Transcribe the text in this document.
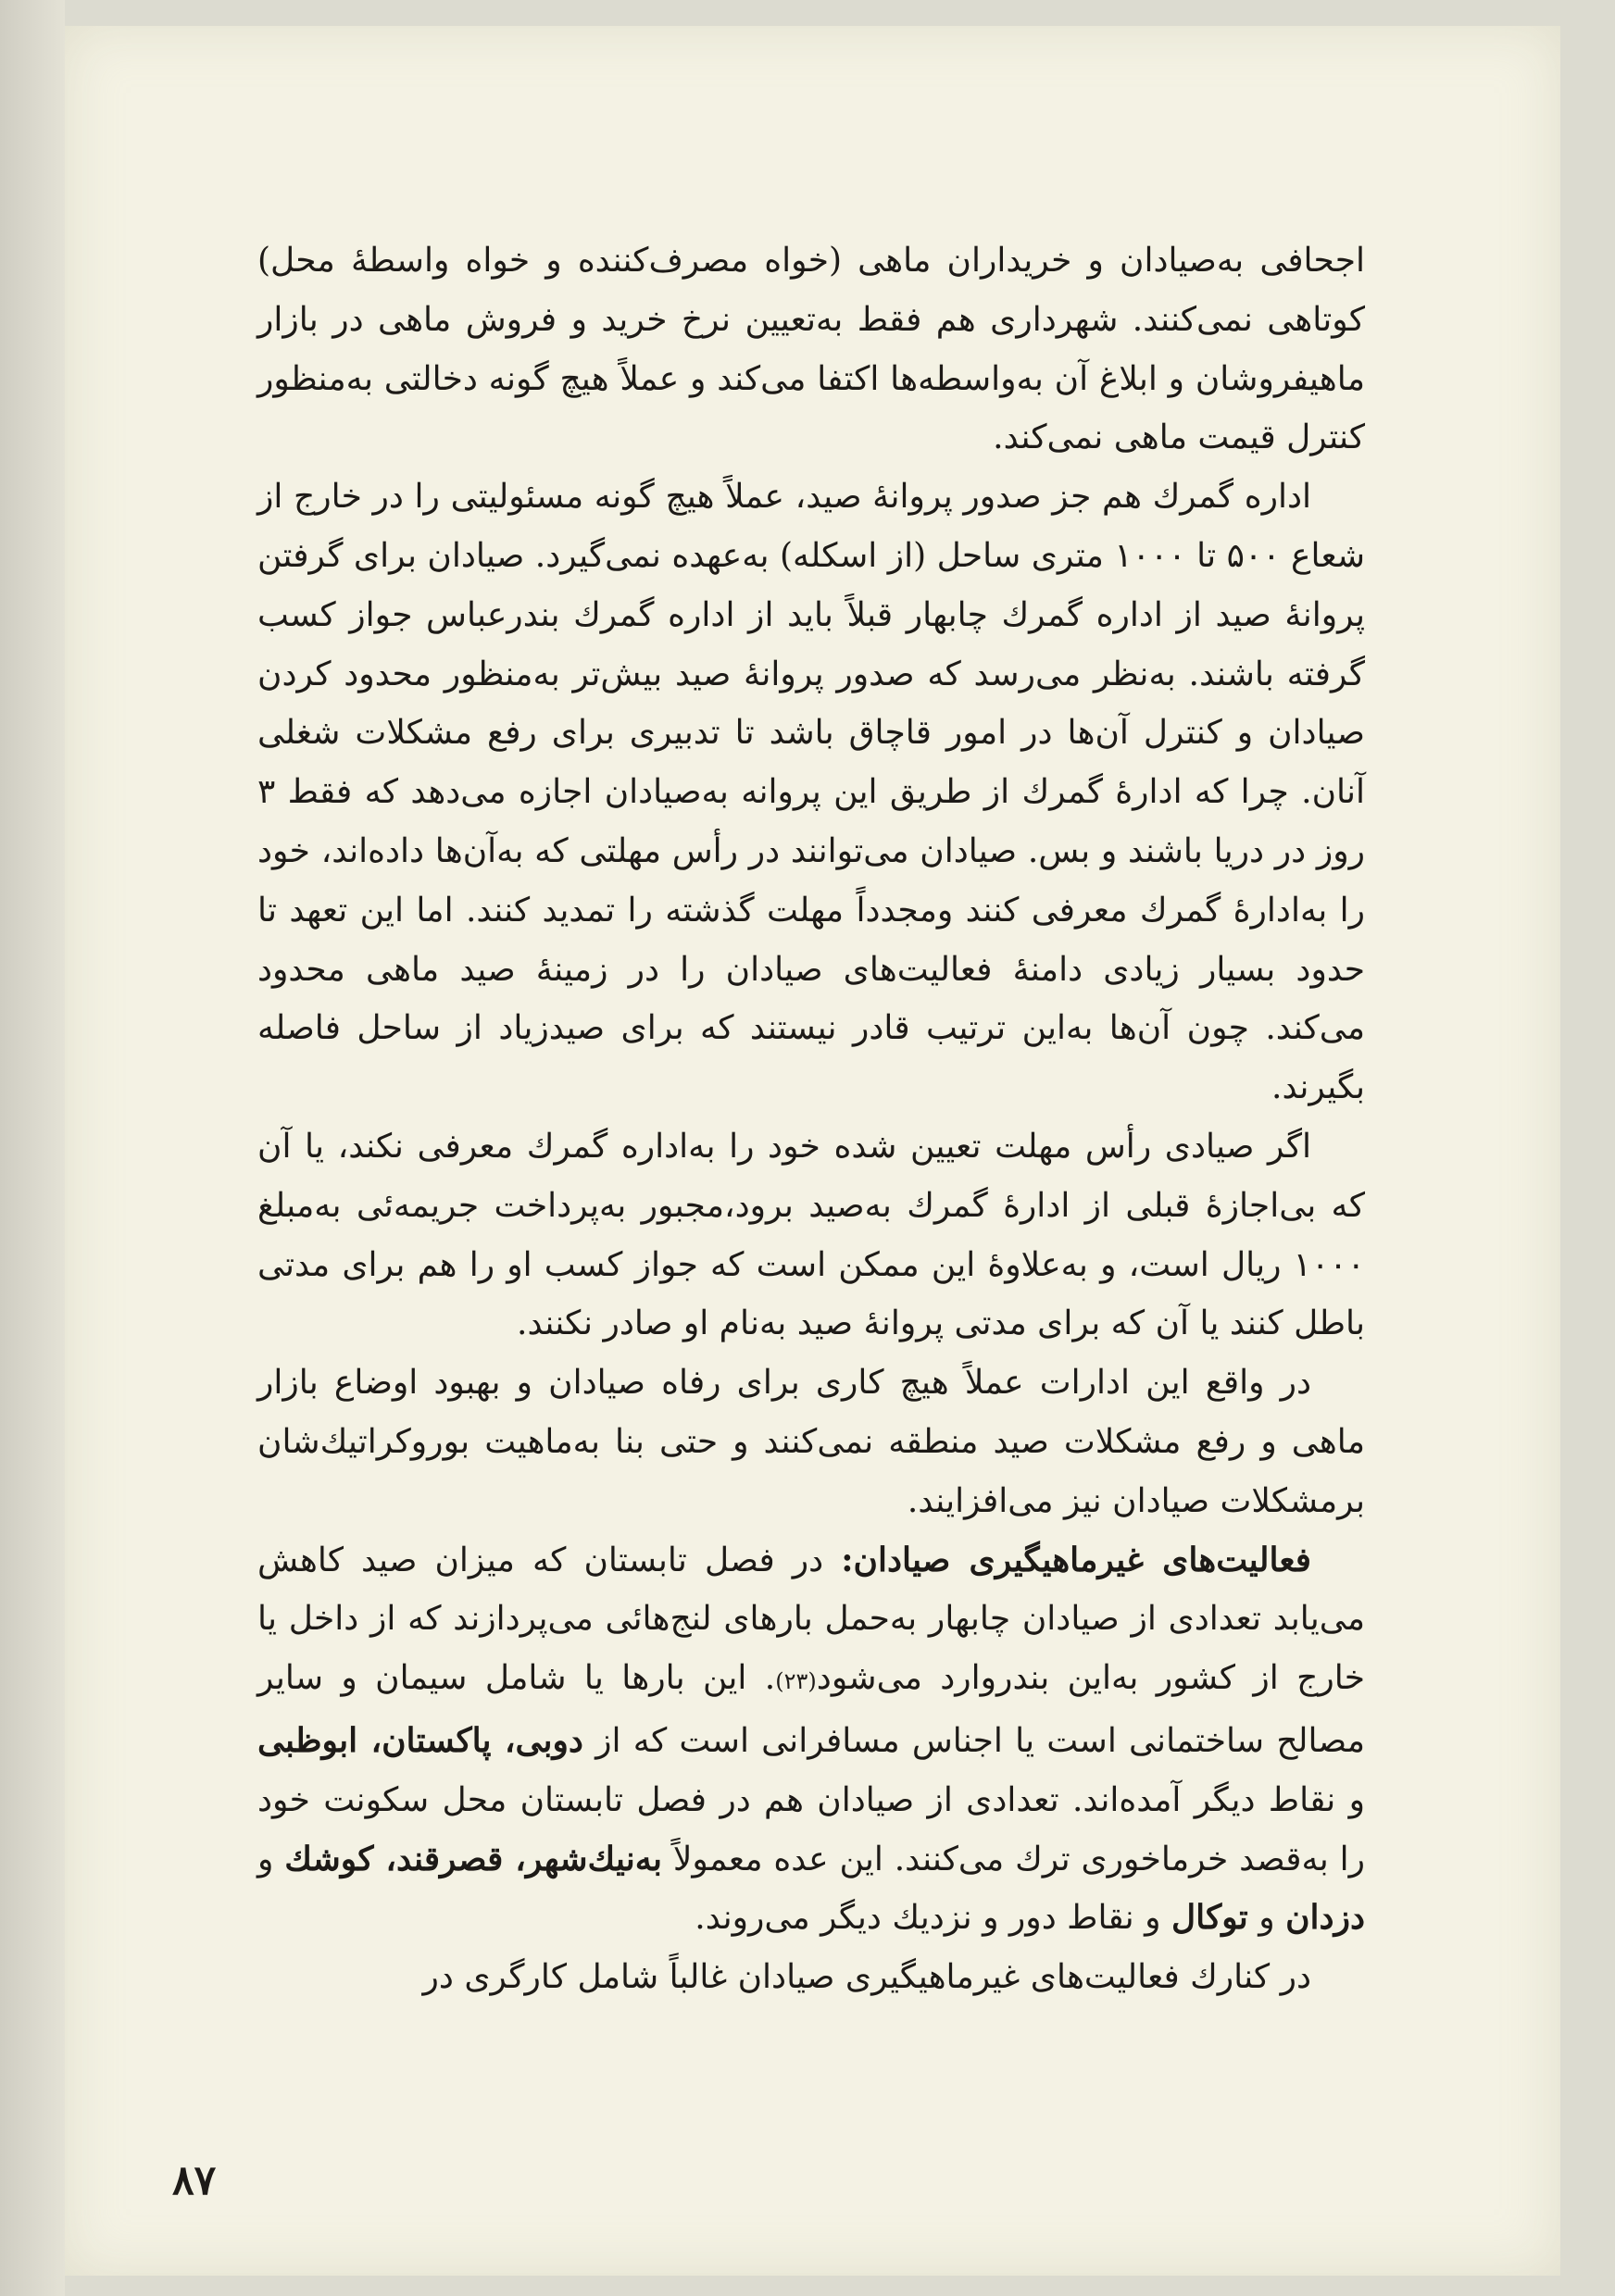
اجحافی به‌صیادان و خریداران ماهی (خواه مصرف‌کننده و خواه واسطهٔ محل) کوتاهی نمی‌کنند. شهرداری هم فقط به‌تعیین نرخ خرید و فروش ماهی در بازار ماهیفروشان و ابلاغ آن به‌واسطه‌ها اکتفا می‌کند و عملاً هیچ گونه دخالتی به‌منظور کنترل قیمت ماهی نمی‌کند.

اداره گمرك هم جز صدور پروانهٔ صید، عملاً هیچ گونه مسئولیتی را در خارج از شعاع ۵۰۰ تا ۱۰۰۰ متری ساحل (از اسکله) به‌عهده نمی‌گیرد. صیادان برای گرفتن پروانهٔ صید از اداره گمرك چابهار قبلاً باید از اداره گمرك بندرعباس جواز کسب گرفته باشند. به‌نظر می‌رسد که صدور پروانهٔ صید بیش‌تر به‌منظور محدود کردن صیادان و کنترل آن‌ها در امور قاچاق باشد تا تدبیری برای رفع مشکلات شغلی آنان. چرا که ادارهٔ گمرك از طریق این پروانه به‌صیادان اجازه می‌دهد که فقط ۳ روز در دریا باشند و بس. صیادان می‌توانند در رأس مهلتی که به‌آن‌ها داده‌اند، خود را به‌ادارهٔ گمرك معرفی کنند ومجدداً مهلت گذشته را تمدید کنند. اما این تعهد تا حدود بسیار زیادی دامنهٔ فعالیت‌های صیادان را در زمینهٔ صید ماهی محدود می‌کند. چون آن‌ها به‌این ترتیب قادر نیستند که برای صیدزیاد از ساحل فاصله بگیرند.

اگر صیادی رأس مهلت تعیین شده خود را به‌اداره گمرك معرفی نکند، یا آن که بی‌اجازهٔ قبلی از ادارهٔ گمرك به‌صید برود،مجبور به‌پرداخت جریمه‌ئی به‌مبلغ ۱۰۰۰ ریال است، و به‌علاوهٔ این ممکن است که جواز کسب او را هم برای مدتی باطل کنند یا آن که برای مدتی پروانهٔ صید به‌نام او صادر نکنند.

در واقع این ادارات عملاً هیچ کاری برای رفاه صیادان و بهبود اوضاع بازار ماهی و رفع مشکلات صید منطقه نمی‌کنند و حتی بنا به‌ماهیت بوروکراتیك‌شان برمشکلات صیادان نیز می‌افزایند.

فعالیت‌های غیرماهیگیری صیادان: در فصل تابستان که میزان صید کاهش می‌یابد تعدادی از صیادان چابهار به‌حمل بارهای لنج‌هائی می‌پردازند که از داخل یا خارج از کشور به‌این بندروارد می‌شود(۲۳). این بارها یا شامل سیمان و سایر مصالح ساختمانی است یا اجناس مسافرانی است که از دوبی، پاکستان، ابوظبی و نقاط دیگر آمده‌اند. تعدادی از صیادان هم در فصل تابستان محل سکونت خود را به‌قصد خرماخوری ترك می‌کنند. این عده معمولاً به‌نیك‌شهر، قصرقند، کوشك و دزدان و توکال و نقاط دور و نزدیك دیگر می‌روند.

در کنارك فعالیت‌های غیرماهیگیری صیادان غالباً شامل کارگری در

۸۷
